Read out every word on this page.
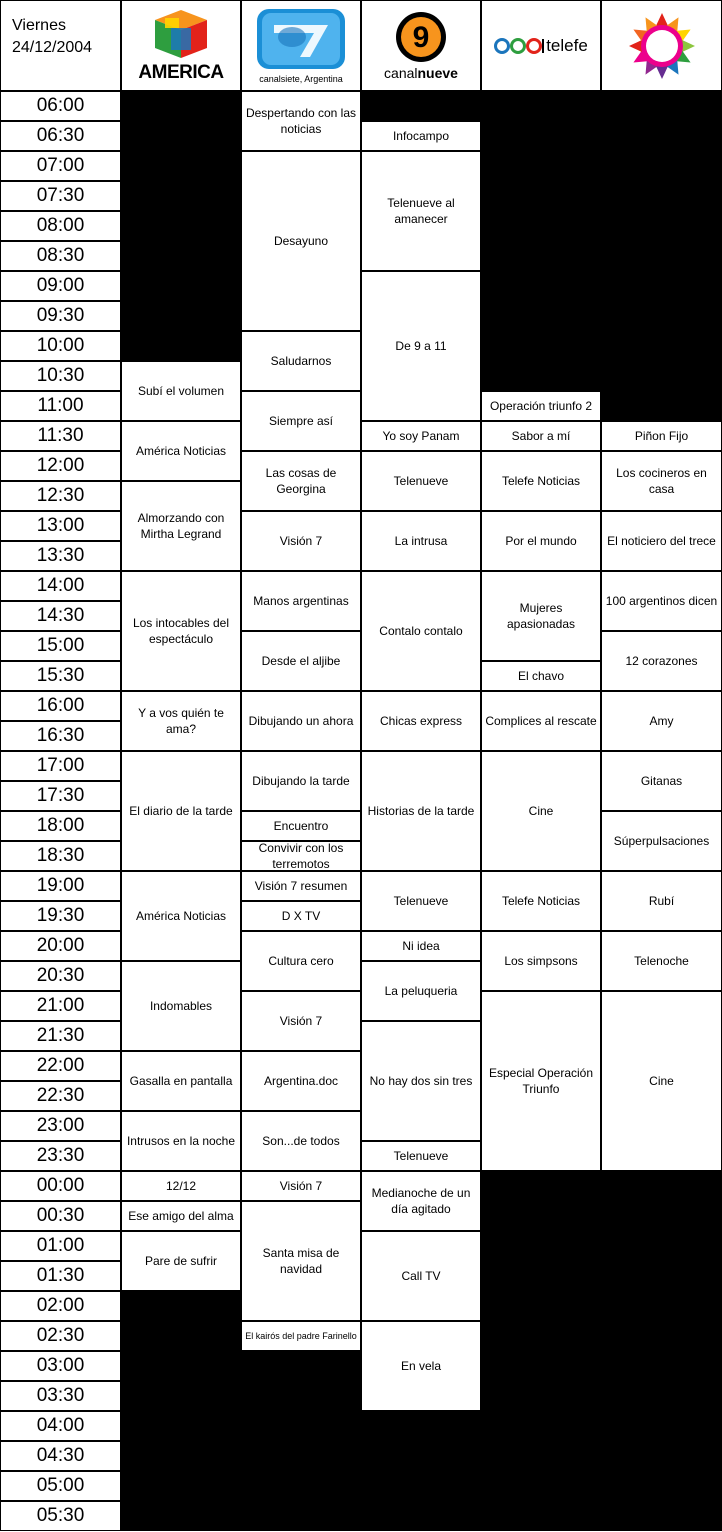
Viernes
24/12/2004
AMERICA	canalsiete, Argentina
9
canalnueve
telefe
06:00
06:30
07:00
07:30
08:00
08:30
09:00
09:30
10:00
10:30
11:00
11:30
12:00
12:30
13:00
13:30
14:00
14:30
15:00
15:30
16:00
16:30
17:00
17:30
18:00
18:30
19:00
19:30
20:00
20:30
21:00
21:30
22:00
22:30
23:00
23:30
00:00
00:30
01:00
01:30
02:00
02:30
03:00
03:30
04:00
04:30
05:00
05:30
Subí el volumen
América Noticias
Almorzando con Mirtha Legrand
Los intocables del espectáculo
Y a vos quién te ama?
El diario de la tarde
América Noticias
Indomables
Gasalla en pantalla
Intrusos en la noche
12/12
Ese amigo del alma
Pare de sufrir
Despertando con las noticias
Desayuno
Saludarnos
Siempre así
Las cosas de Georgina
Visión 7
Manos argentinas
Desde el aljibe
Dibujando un ahora
Dibujando la tarde
Encuentro
Convivir con los terremotos
Visión 7 resumen
D X TV
Cultura cero
Visión 7
Argentina.doc
Son...de todos
Visión 7
Santa misa de navidad
El kairós del padre Farinello
Infocampo
Telenueve al amanecer
De 9 a 11
Yo soy Panam
Telenueve
La intrusa
Contalo contalo
Chicas express
Historias de la tarde
Telenueve
Ni idea
La peluqueria
No hay dos sin tres
Telenueve
Medianoche de un día agitado
Call TV
En vela
Operación triunfo 2
Sabor a mí
Telefe Noticias
Por el mundo
Mujeres apasionadas
El chavo
Complices al rescate
Cine
Telefe Noticias
Los simpsons
Especial Operación Triunfo
Piñon Fijo
Los cocineros en casa
El noticiero del trece
100 argentinos dicen
12 corazones
Amy
Gitanas
Súperpulsaciones
Rubí
Telenoche
Cine
